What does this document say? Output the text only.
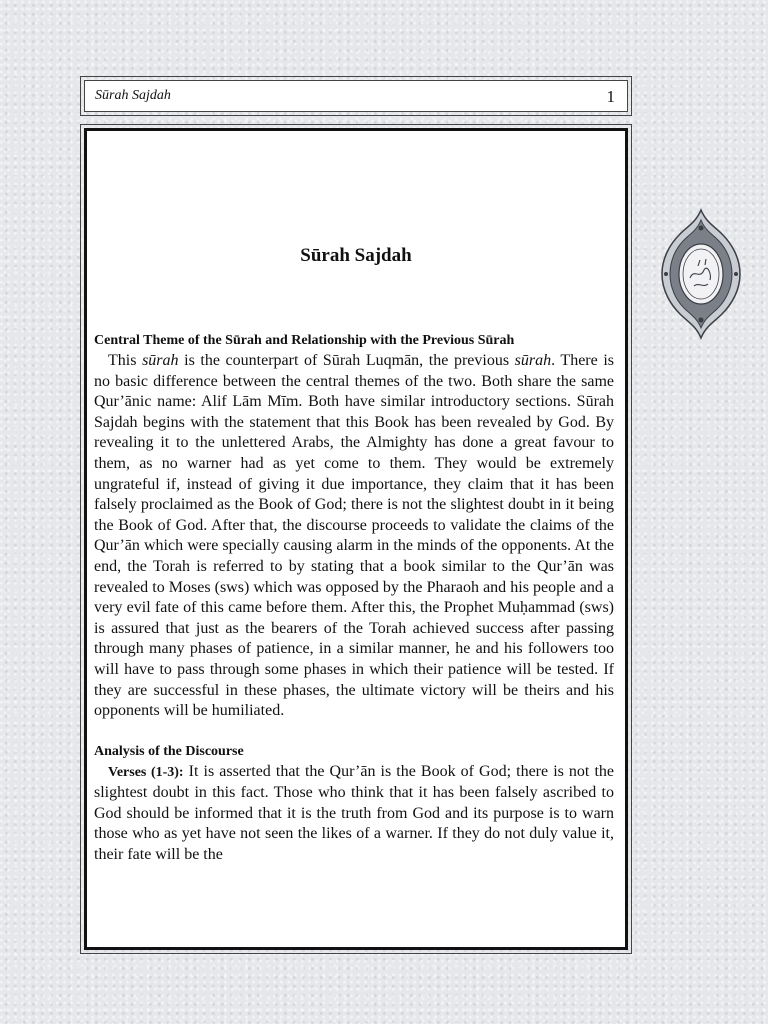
Sūrah Sajdah	1
Sūrah Sajdah

Central Theme of the Sūrah and Relationship with the Previous Sūrah

This sūrah is the counterpart of Sūrah Luqmān, the previous sūrah. There is no basic difference between the central themes of the two. Both share the same Qur’ānic name: Alif Lām Mīm. Both have similar introductory sections. Sūrah Sajdah begins with the statement that this Book has been revealed by God. By revealing it to the unlettered Arabs, the Almighty has done a great favour to them, as no warner had as yet come to them. They would be extremely ungrateful if, instead of giving it due importance, they claim that it has been falsely proclaimed as the Book of God; there is not the slightest doubt in it being the Book of God. After that, the discourse proceeds to validate the claims of the Qur’ān which were specially causing alarm in the minds of the opponents. At the end, the Torah is referred to by stating that a book similar to the Qur’ān was revealed to Moses (sws) which was opposed by the Pharaoh and his people and a very evil fate of this came before them. After this, the Prophet Muḥammad (sws) is assured that just as the bearers of the Torah achieved success after passing through many phases of patience, in a similar manner, he and his followers too will have to pass through some phases in which their patience will be tested. If they are successful in these phases, the ultimate victory will be theirs and his opponents will be humiliated.

Analysis of the Discourse

Verses (1-3): It is asserted that the Qur’ān is the Book of God; there is not the slightest doubt in this fact. Those who think that it has been falsely ascribed to God should be informed that it is the truth from God and its purpose is to warn those who as yet have not seen the likes of a warner. If they do not duly value it, their fate will be the
